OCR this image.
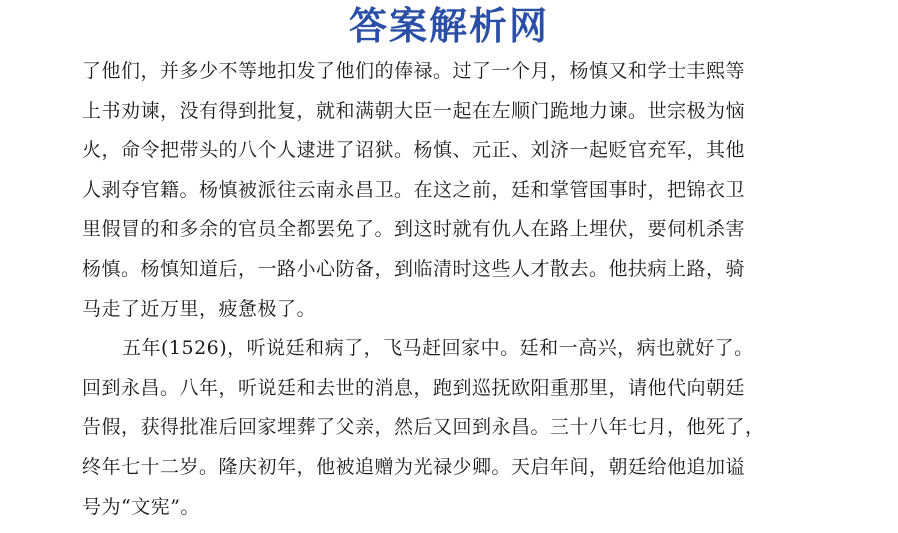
答案解析网
了他们，并多少不等地扣发了他们的俸禄。过了一个月，杨慎又和学士丰熙等
上书劝谏，没有得到批复，就和满朝大臣一起在左顺门跪地力谏。世宗极为恼
火，命令把带头的八个人逮进了诏狱。杨慎、元正、刘济一起贬官充军，其他
人剥夺官籍。杨慎被派往云南永昌卫。在这之前，廷和掌管国事时，把锦衣卫
里假冒的和多余的官员全都罢免了。到这时就有仇人在路上埋伏，要伺机杀害
杨慎。杨慎知道后，一路小心防备，到临清时这些人才散去。他扶病上路，骑
马走了近万里，疲惫极了。
五年(1526)，听说廷和病了，飞马赶回家中。廷和一高兴，病也就好了。
回到永昌。八年，听说廷和去世的消息，跑到巡抚欧阳重那里，请他代向朝廷
告假，获得批准后回家埋葬了父亲，然后又回到永昌。三十八年七月，他死了，
终年七十二岁。隆庆初年，他被追赠为光禄少卿。天启年间，朝廷给他追加谥
号为“文宪”。
